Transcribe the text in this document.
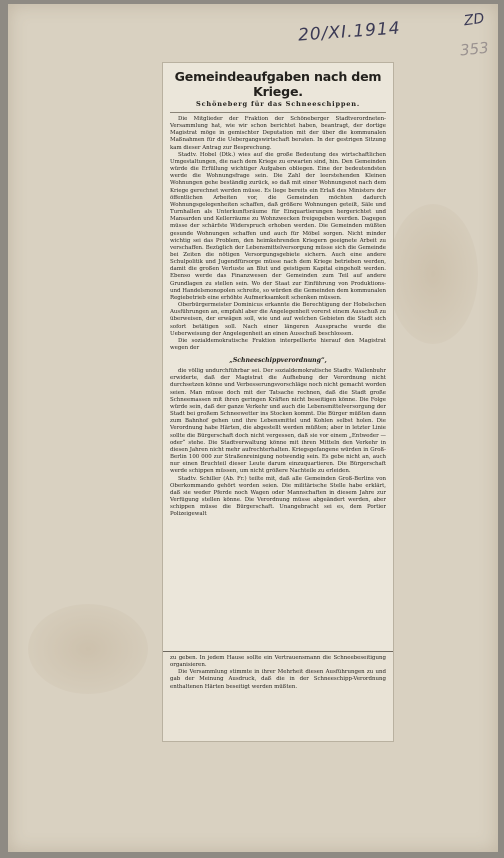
20/XI.1914	ZD
353
Gemeindeaufgaben nach dem Kriege.
Schöneberg für das Schneeschippen.

Die Mitglieder der Fraktion der Schöneberger Stadtverordneten-Versammlung hat, wie wir schon berichtet haben, beantragt, der dortige Magistrat möge in gemischter Deputation mit der über die kommunalen Maßnahmen für die Uebergangswirtschaft beraten. In der gestrigen Sitzung kam dieser Antrag zur Besprechung.

Stadtv. Hobel (Dtk.) wies auf die große Bedeutung des wirtschaftlichen Umgestaltungen, die nach dem Kriege zu erwarten sind, hin. Den Gemeinden würde die Erfüllung wichtiger Aufgaben obliegen. Eine der bedeutendsten werde die Wohnungsfrage sein. Die Zahl der leerstehenden Kleinen Wohnungen gehe beständig zurück, so daß mit einer Wohnungsnot nach dem Kriege gerechnet werden müsse. Es liege bereits ein Erlaß des Ministers der öffentlichen Arbeiten vor, die Gemeinden möchten dadurch Wohnungsgelegenheiten schaffen, daß größere Wohnungen geteilt, Säle und Turnhallen als Unterkunftsräume für Einquartierungen hergerichtet und Mansarden und Kellerräume zu Wohnzwecken freigegeben werden. Dagegen müsse der schärfste Widerspruch erhoben werden. Die Gemeinden müßten gesunde Wohnungen schaffen und auch für Möbel sorgen. Nicht minder wichtig sei das Problem, den heimkehrenden Kriegern geeignete Arbeit zu verschaffen. Bezüglich der Lebensmittelversorgung müsse sich die Gemeinde bei Zeiten die nötigen Versorgungsgebiete sichern. Auch eine andere Schulpolitik und Jugendfürsorge müsse nach dem Kriege betrieben werden, damit die großen Verluste an Blut und geistigem Kapital eingeholt werden. Ebenso werde das Finanzwesen der Gemeinden zum Teil auf andere Grundlagen zu stellen sein. Wo der Staat zur Einführung von Produktions- und Handelsmonopolen schreite, so würden die Gemeinden dem kommunalen Regiebetrieb eine erhöhte Aufmerksamkeit schenken müssen.

Oberbürgermeister Dominicus erkannte die Berechtigung der Hobelschen Ausführungen an, empfahl aber die Angelegenheit vorerst einem Ausschuß zu überweisen, der erwägen soll, wie und auf welchen Gebieten die Stadt sich sofort betätigen soll. Nach einer längeren Aussprache wurde die Ueberweisung der Angelegenheit an einen Ausschuß beschlossen.

Die sozialdemokratische Fraktion interpellierte hierauf den Magistrat wegen der

„Schneeschippverordnung“,

die völlig undurchführbar sei. Der sozialdemokratische Stadtv. Wallenbuhr erwiderte, daß der Magistrat die Aufhebung der Verordnung nicht durchsetzen könne und Verbesserungsvorschläge noch nicht gemacht worden seien. Man müsse doch mit der Tatsache rechnen, daß die Stadt große Schneemassen mit ihren geringen Kräften nicht beseitigen könne. Die Folge würde sein, daß der ganze Verkehr und auch die Lebensmittelversorgung der Stadt bei großem Schneewetter ins Stocken kommt. Die Bürger müßten dann zum Bahnhof gehen und ihre Lebensmittel und Kohlen selbst holen. Die Verordnung habe Härten, die abgestellt werden müßten; aber in letzter Linie sollte die Bürgerschaft doch nicht vergessen, daß sie vor einem „Entweder — oder“ stehe. Die Stadtverwaltung könne mit ihren Mitteln den Verkehr in diesen Jahren nicht mehr aufrechterhalten. Kriegsgefangene würden in Groß-Berlin 100 000 zur Straßenreinigung notwendig sein. Es gebe nicht an, auch nur einen Bruchteil dieser Leute darum einzuquartieren. Die Bürgerschaft werde schippen müssen, um nicht größere Nachteile zu erleiden.

Stadtv. Schiller (Ab. Fr.) teilte mit, daß alle Gemeinden Groß-Berlins von Oberkommando gehört worden seien. Die militärische Stelle habe erklärt, daß sie weder Pferde noch Wagen oder Mannschaften in diesem Jahre zur Verfügung stellen könne. Die Verordnung müsse abgeändert werden, aber schippen müsse die Bürgerschaft. Unangebracht sei es, dem Portier Polizeigewalt

zu geben. In jedem Hause sollte ein Vertrauensmann die Schneebeseitigung organisieren.

Die Versammlung stimmte in ihrer Mehrheit diesen Ausführungen zu und gab der Meinung Ausdruck, daß die in der Schneeschipp-Verordnung enthaltenen Härten beseitigt werden müßten.
